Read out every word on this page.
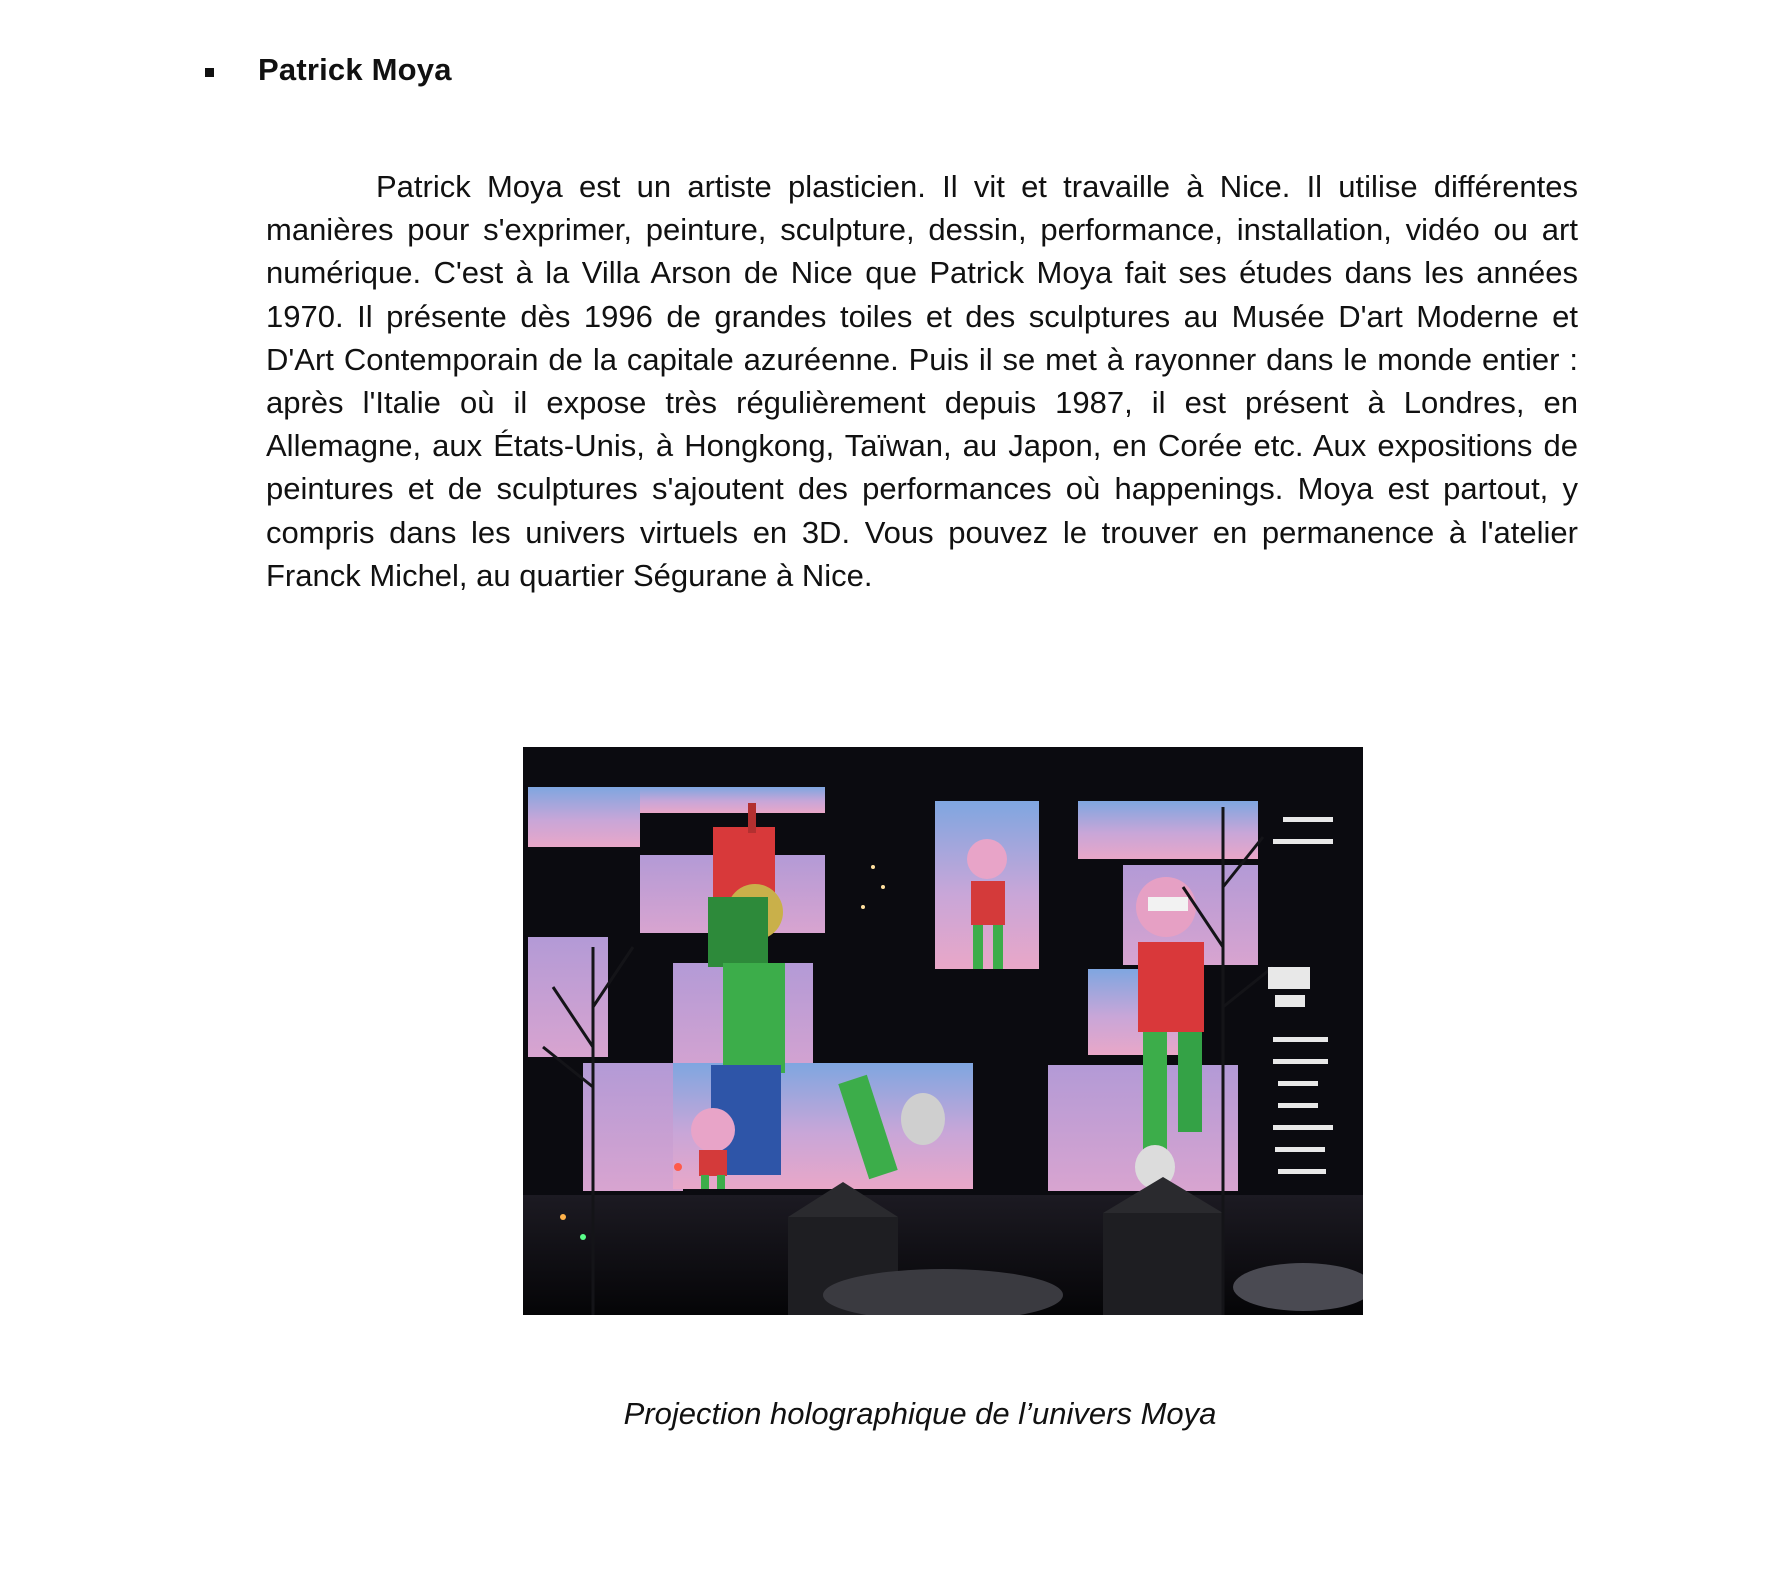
Patrick Moya

Patrick Moya est un artiste plasticien. Il vit et travaille à Nice. Il utilise différentes manières pour s'exprimer, peinture, sculpture, dessin, performance, installation, vidéo ou art numérique. C'est à la Villa Arson de Nice que Patrick Moya fait ses études dans les années 1970. Il présente dès 1996 de grandes toiles et des sculptures au Musée D'art Moderne et D'Art Contemporain de la capitale azuréenne. Puis il se met à rayonner dans le monde entier : après l'Italie où il expose très régulièrement depuis 1987, il est présent à Londres, en Allemagne, aux États-Unis, à Hongkong, Taïwan, au Japon, en Corée etc. Aux expositions de peintures et de sculptures s'ajoutent des performances où happenings. Moya est partout, y compris dans les univers virtuels en 3D. Vous pouvez le trouver en permanence à l'atelier Franck Michel, au quartier Ségurane à Nice.

Projection holographique de l’univers Moya
